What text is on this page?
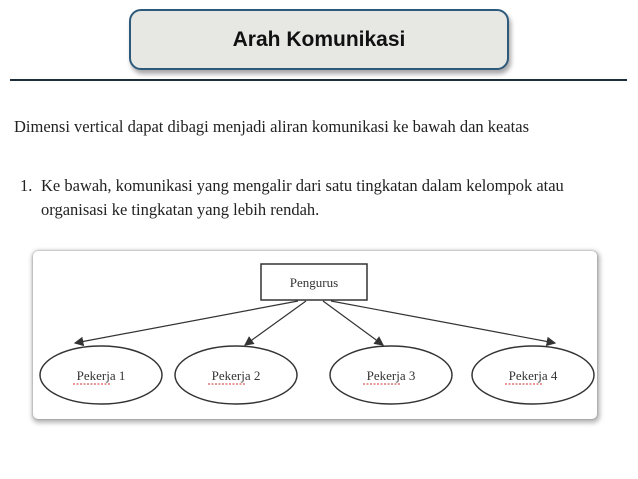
Arah Komunikasi
Dimensi vertical dapat dibagi menjadi aliran komunikasi ke bawah dan keatas
1. Ke bawah, komunikasi yang mengalir dari satu tingkatan dalam kelompok atau organisasi ke tingkatan yang lebih rendah.
Pengurus
Pekerja 1	Pekerja 2	Pekerja 3	Pekerja 4
